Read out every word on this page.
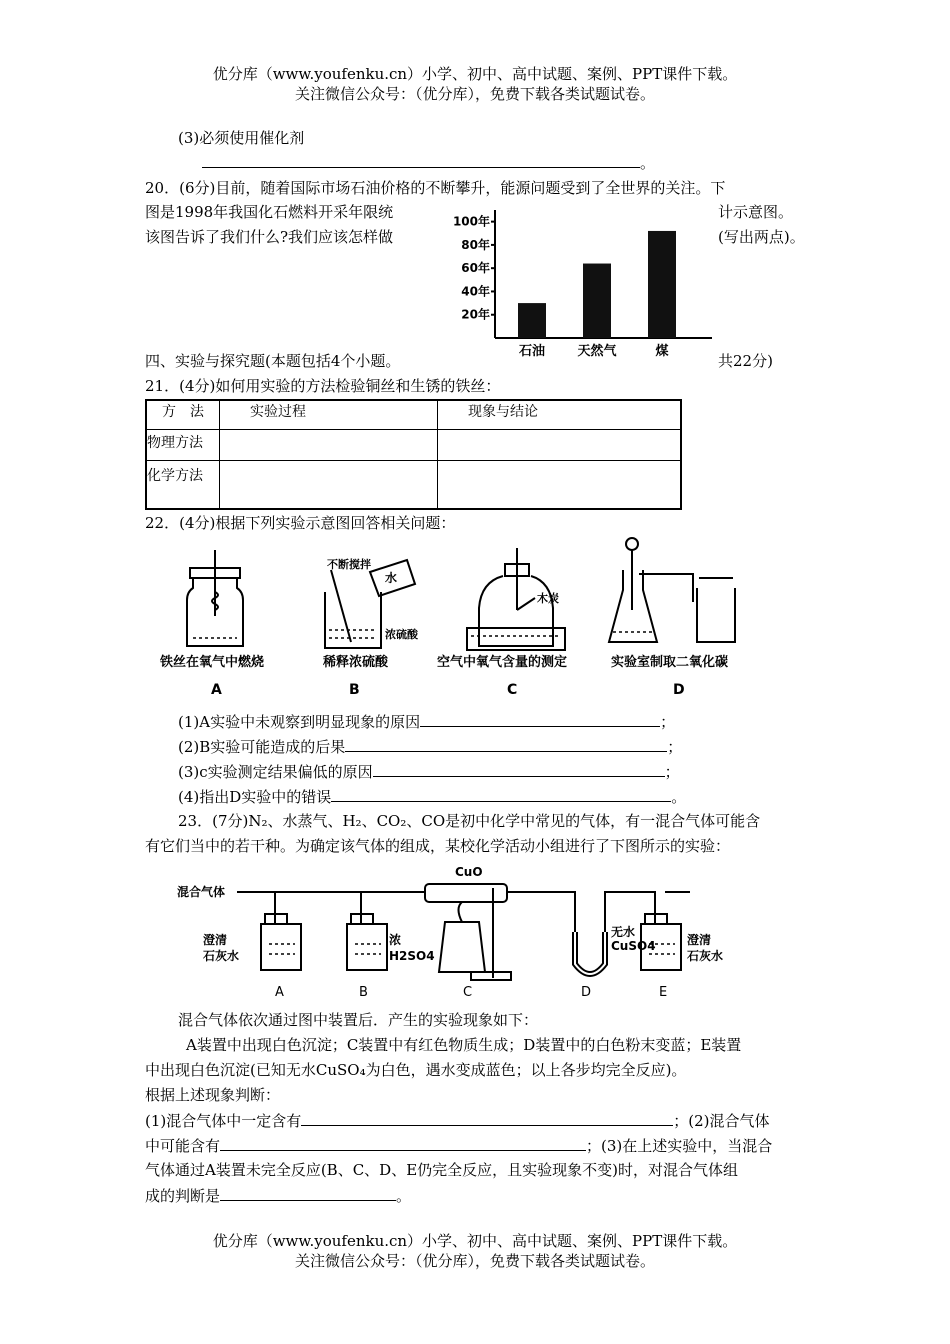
优分库（www.youfenku.cn）小学、初中、高中试题、案例、PPT课件下载。
关注微信公众号：（优分库），免费下载各类试题试卷。
(3)必须使用催化剂
。
20．(6分)目前，随着国际市场石油价格的不断攀升，能源问题受到了全世界的关注。下
图是1998年我国化石燃料开采年限统	计示意图。
该图告诉了我们什么?我们应该怎样做	(写出两点)。
20年
40年
60年
80年
100年
石油 天然气	煤
四、实验与探究题(本题包括4个小题。	共22分)
21．(4分)如何用实验的方法检验铜丝和生锈的铁丝：
方　法	实验过程	现象与结论
物理方法		
化学方法		
22．(4分)根据下列实验示意图回答相关问题：
不断搅拌
水
浓硫酸
木炭
铁丝在氧气中燃烧	稀释浓硫酸	空气中氧气含量的测定	实验室制取二氧化碳
A	B	C	D
(1)A实验中未观察到明显现象的原因	；
(2)B实验可能造成的后果	；
(3)c实验测定结果偏低的原因	；
(4)指出D实验中的错误	。
23．(7分)N₂、水蒸气、H₂、CO₂、CO是初中化学中常见的气体，有一混合气体可能含
有它们当中的若干种。为确定该气体的组成，某校化学活动小组进行了下图所示的实验：
混合气体
CuO
澄清
石灰水
浓
H2SO4
无水
CuSO4	澄清
石灰水
A	B	C	D	E
混合气体依次通过图中装置后．产生的实验现象如下：
A装置中出现白色沉淀；C装置中有红色物质生成；D装置中的白色粉末变蓝；E装置
中出现白色沉淀(已知无水CuSO₄为白色，遇水变成蓝色；以上各步均完全反应)。
根据上述现象判断：
(1)混合气体中一定含有	；(2)混合气体
中可能含有	；(3)在上述实验中，当混合
气体通过A装置未完全反应(B、C、D、E仍完全反应，且实验现象不变)时，对混合气体组
成的判断是	。
优分库（www.youfenku.cn）小学、初中、高中试题、案例、PPT课件下载。
关注微信公众号：（优分库），免费下载各类试题试卷。
